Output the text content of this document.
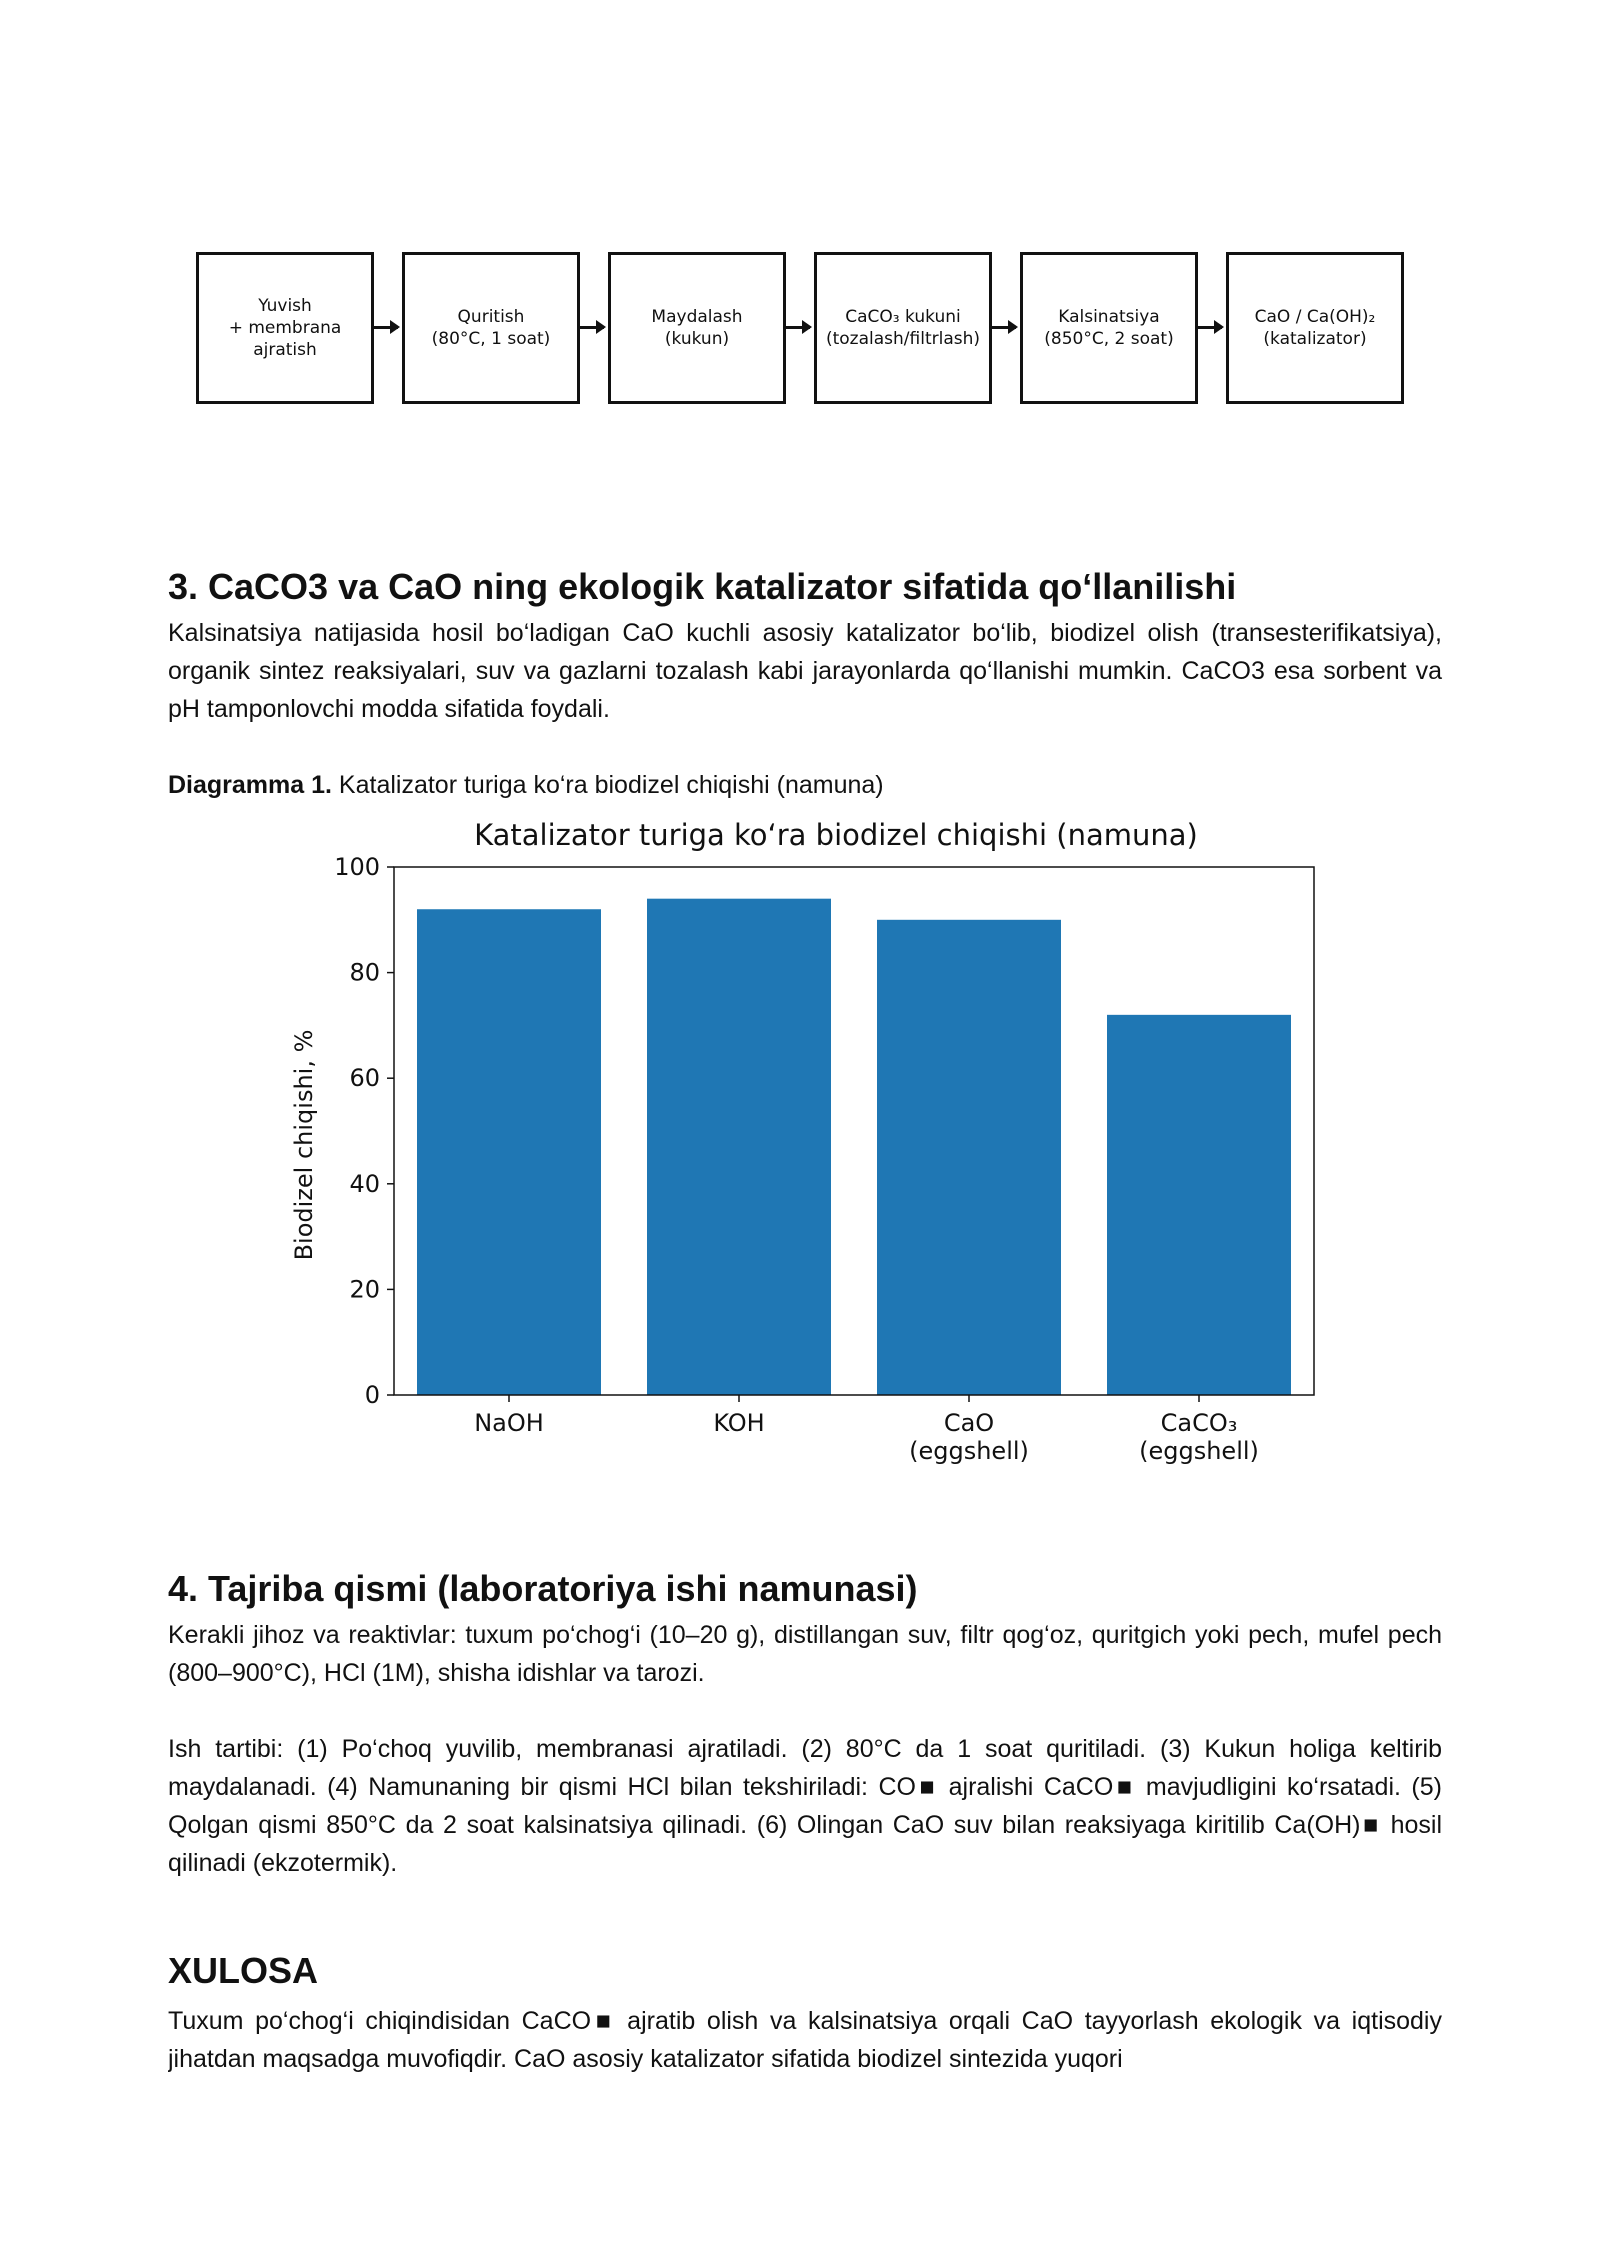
Yuvish
+ membrana ajratish
Quritish
(80°C, 1 soat)
Maydalash
(kukun)
CaCO₃ kukuni
(tozalash/filtrlash)
Kalsinatsiya
(850°C, 2 soat)
CaO / Ca(OH)₂
(katalizator)
3. CaCO3 va CaO ning ekologik katalizator sifatida qo‘llanilishi

Kalsinatsiya natijasida hosil bo‘ladigan CaO kuchli asosiy katalizator bo‘lib, biodizel olish (transesterifikatsiya), organik sintez reaksiyalari, suv va gazlarni tozalash kabi jarayonlarda qo‘llanishi mumkin. CaCO3 esa sorbent va pH tamponlovchi modda sifatida foydali.

Diagramma 1. Katalizator turiga ko‘ra biodizel chiqishi (namuna)
Katalizator turiga ko‘ra biodizel chiqishi (namuna)
Biodizel chiqishi, %
NaOH	KOH	CaO (eggshell)
CaCO₃ (eggshell)
0
20
40
60
80
100
4. Tajriba qismi (laboratoriya ishi namunasi)

Kerakli jihoz va reaktivlar: tuxum po‘chog‘i (10–20 g), distillangan suv, filtr qog‘oz, quritgich yoki pech, mufel pech (800–900°C), HCl (1M), shisha idishlar va tarozi.

Ish tartibi: (1) Po‘choq yuvilib, membranasi ajratiladi. (2) 80°C da 1 soat quritiladi. (3) Kukun holiga keltirib maydalanadi. (4) Namunaning bir qismi HCl bilan tekshiriladi: CO■ ajralishi CaCO■ mavjudligini ko‘rsatadi. (5) Qolgan qismi 850°C da 2 soat kalsinatsiya qilinadi. (6) Olingan CaO suv bilan reaksiyaga kiritilib Ca(OH)■ hosil qilinadi (ekzotermik).

XULOSA

Tuxum po‘chog‘i chiqindisidan CaCO■ ajratib olish va kalsinatsiya orqali CaO tayyorlash ekologik va iqtisodiy jihatdan maqsadga muvofiqdir. CaO asosiy katalizator sifatida biodizel sintezida yuqori
